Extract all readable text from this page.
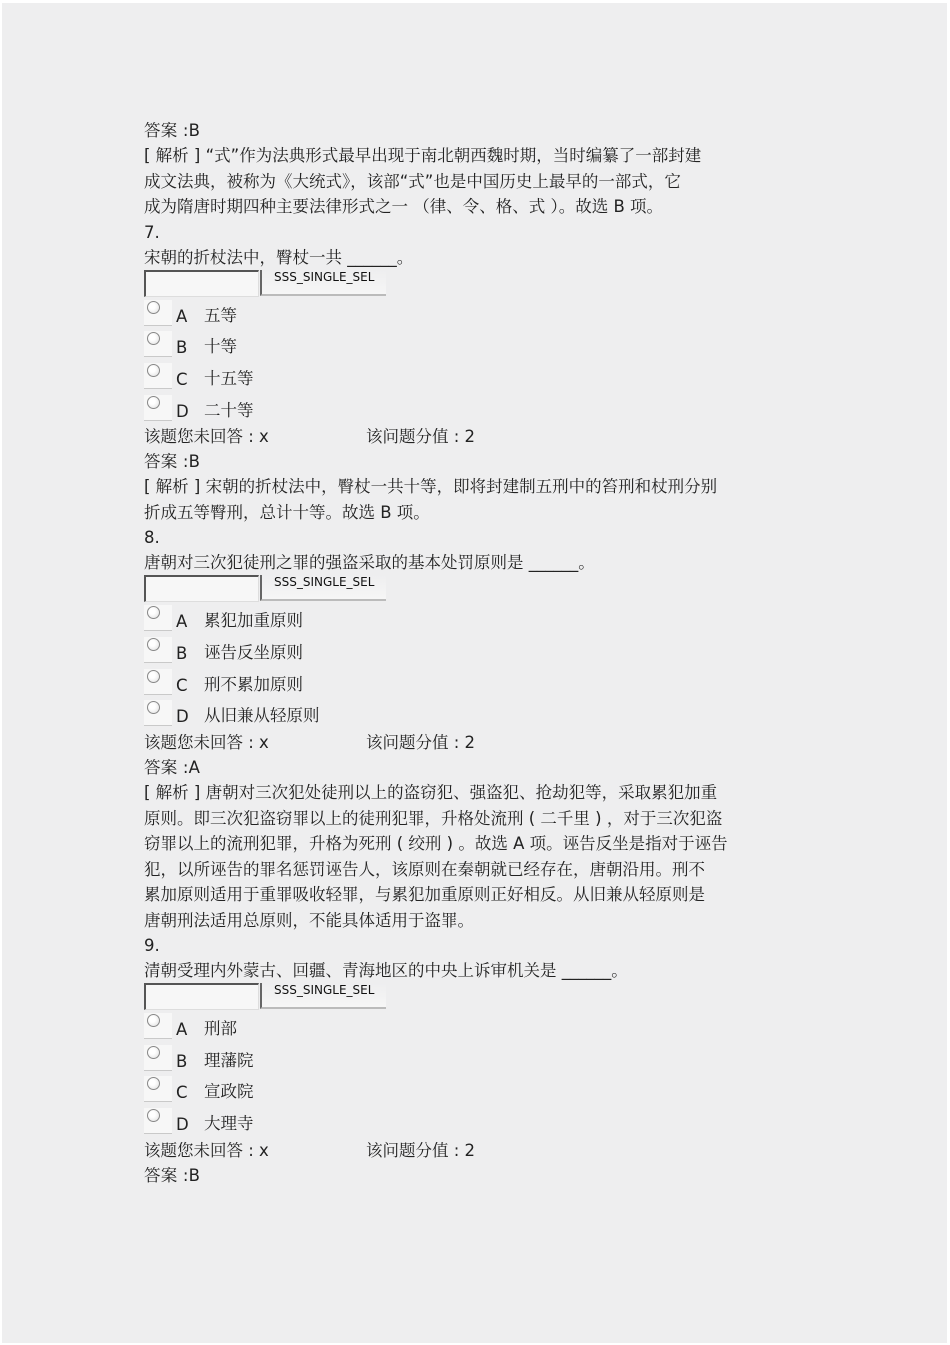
答案 :B
[ 解析 ] “式”作为法典形式最早出现于南北朝西魏时期，当时编纂了一部封建
成文法典，被称为《大统式》，该部“式”也是中国历史上最早的一部式，它
成为隋唐时期四种主要法律形式之一 （律、令、格、式 ）。故选 B 项。
7.
宋朝的折杖法中，臀杖一共 ______。
SSS_SINGLE_SEL
A	五等
B	十等
C 十五等
D 二十等
该题您未回答 : x	该问题分值 : 2
答案 :B
[ 解析 ] 宋朝的折杖法中，臀杖一共十等，即将封建制五刑中的笞刑和杖刑分别
折成五等臀刑，总计十等。故选 B 项。
8.
唐朝对三次犯徒刑之罪的强盗采取的基本处罚原则是 ______。
SSS_SINGLE_SEL
A	累犯加重原则
B	诬告反坐原则
C 刑不累加原则
D 从旧兼从轻原则
该题您未回答 : x	该问题分值 : 2
答案 :A
[ 解析 ] 唐朝对三次犯处徒刑以上的盗窃犯、强盗犯、抢劫犯等，采取累犯加重
原则。即三次犯盗窃罪以上的徒刑犯罪，升格处流刑 ( 二千里 ) ，对于三次犯盗
窃罪以上的流刑犯罪，升格为死刑 ( 绞刑 ) 。故选 A 项。诬告反坐是指对于诬告
犯，以所诬告的罪名惩罚诬告人，该原则在秦朝就已经存在，唐朝沿用。刑不
累加原则适用于重罪吸收轻罪，与累犯加重原则正好相反。从旧兼从轻原则是
唐朝刑法适用总原则，不能具体适用于盗罪。
9.
清朝受理内外蒙古、回疆、青海地区的中央上诉审机关是 ______。
SSS_SINGLE_SEL
A	刑部
B	理藩院
C 宣政院
D 大理寺
该题您未回答 : x	该问题分值 : 2
答案 :B
